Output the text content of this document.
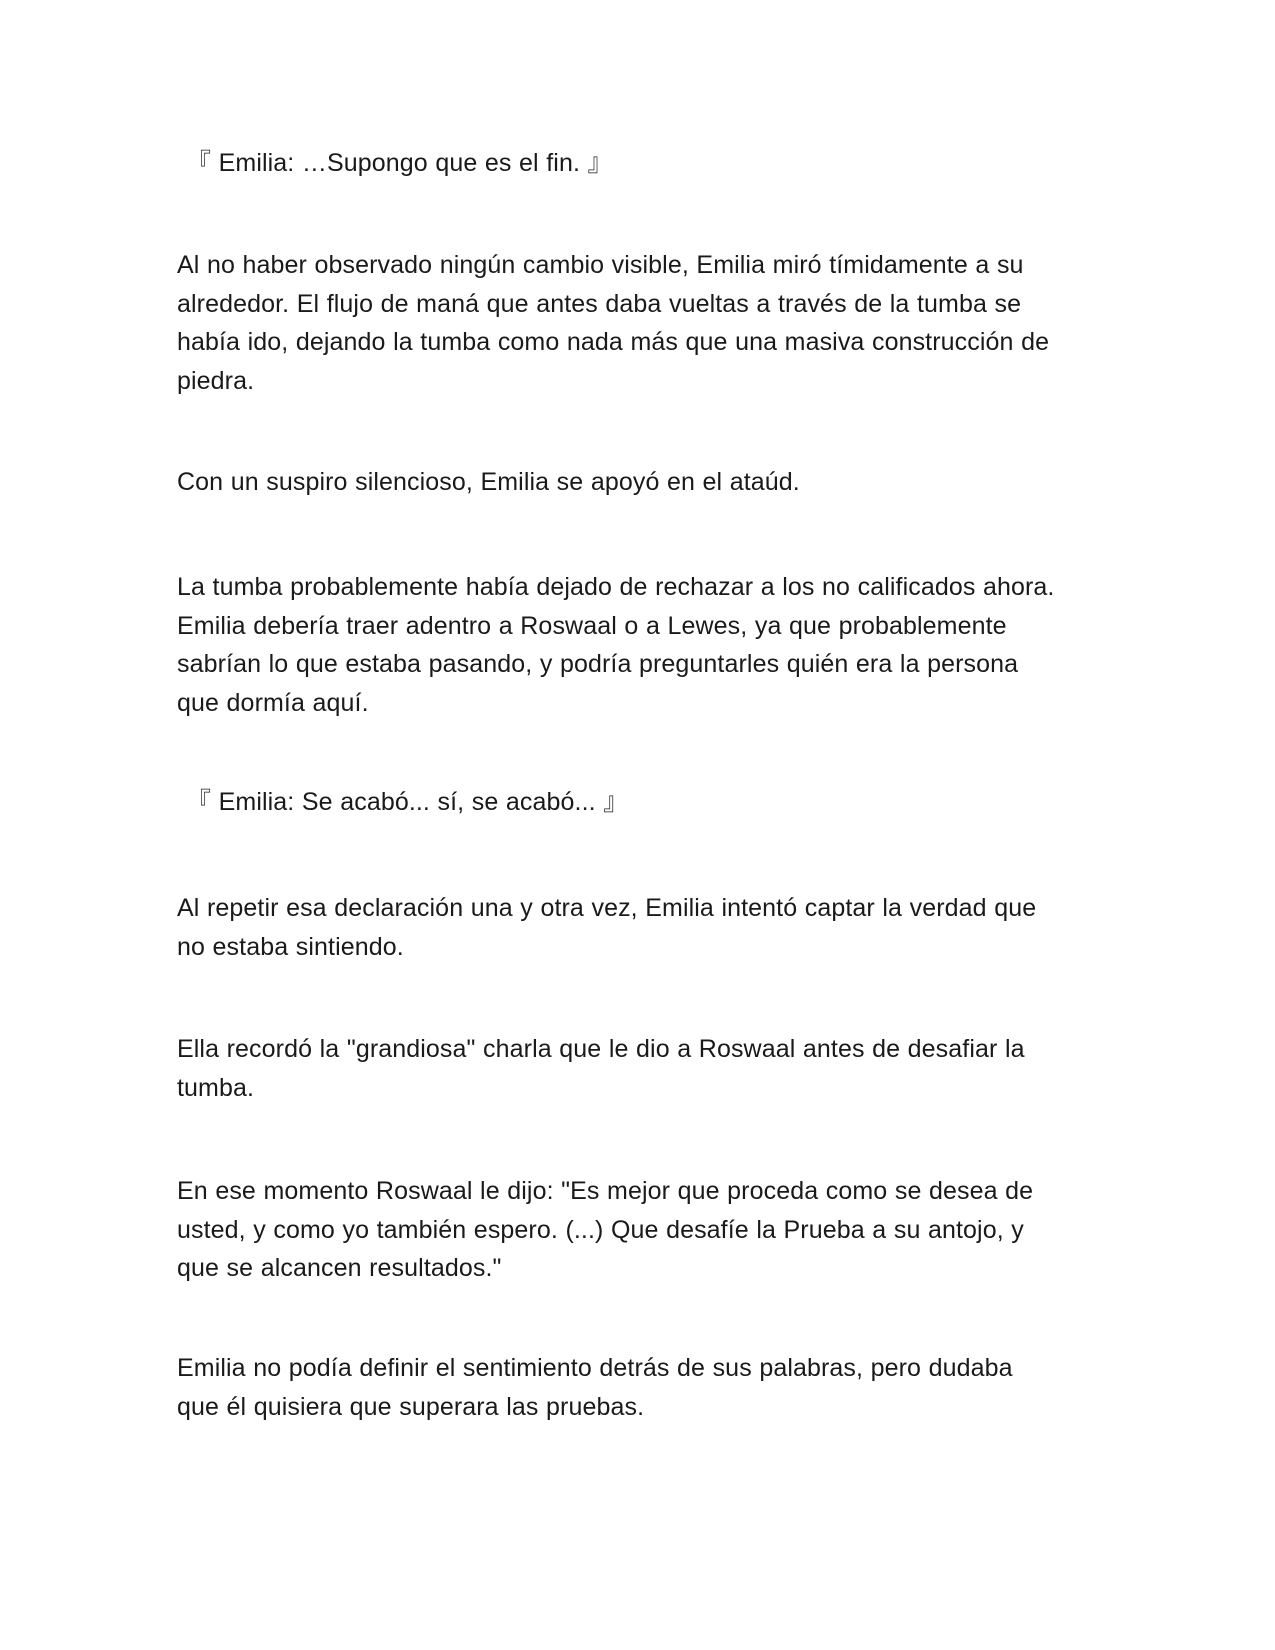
『 Emilia: …Supongo que es el fin. 』

Al no haber observado ningún cambio visible, Emilia miró tímidamente a su
alrededor. El flujo de maná que antes daba vueltas a través de la tumba se
había ido, dejando la tumba como nada más que una masiva construcción de
piedra.

Con un suspiro silencioso, Emilia se apoyó en el ataúd.

La tumba probablemente había dejado de rechazar a los no calificados ahora.
Emilia debería traer adentro a Roswaal o a Lewes, ya que probablemente
sabrían lo que estaba pasando, y podría preguntarles quién era la persona
que dormía aquí.

『 Emilia: Se acabó... sí, se acabó... 』

Al repetir esa declaración una y otra vez, Emilia intentó captar la verdad que
no estaba sintiendo.

Ella recordó la "grandiosa" charla que le dio a Roswaal antes de desafiar la
tumba.

En ese momento Roswaal le dijo: "Es mejor que proceda como se desea de
usted, y como yo también espero. (...) Que desafíe la Prueba a su antojo, y
que se alcancen resultados."

Emilia no podía definir el sentimiento detrás de sus palabras, pero dudaba
que él quisiera que superara las pruebas.
